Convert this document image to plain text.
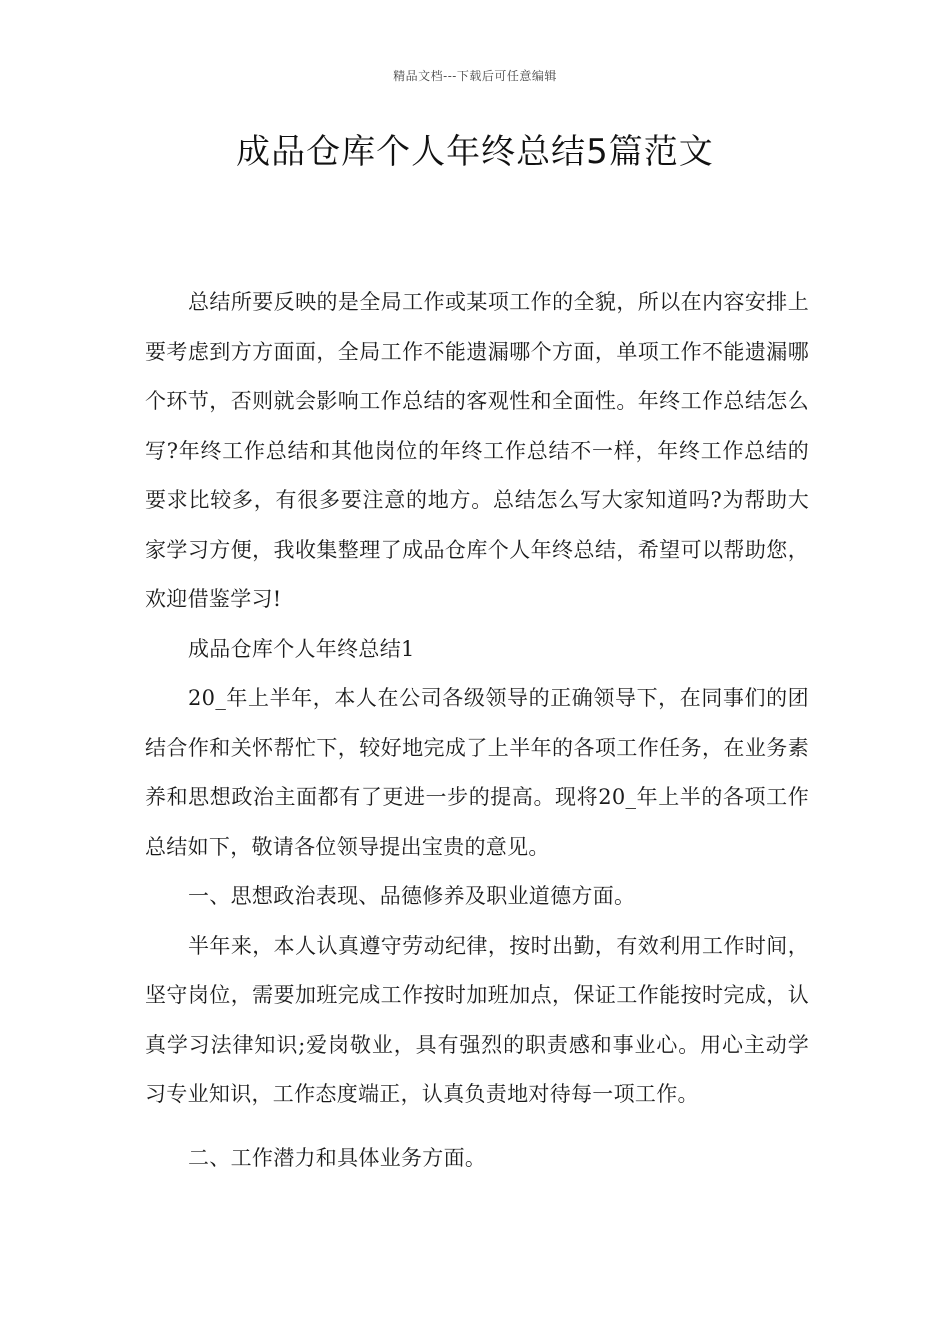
精品文档---下载后可任意编辑
成品仓库个人年终总结5篇范文

总结所要反映的是全局工作或某项工作的全貌，所以在内容安排上要考虑到方方面面，全局工作不能遗漏哪个方面，单项工作不能遗漏哪个环节，否则就会影响工作总结的客观性和全面性。年终工作总结怎么写?年终工作总结和其他岗位的年终工作总结不一样，年终工作总结的要求比较多，有很多要注意的地方。总结怎么写大家知道吗?为帮助大家学习方便，我收集整理了成品仓库个人年终总结，希望可以帮助您，欢迎借鉴学习!

成品仓库个人年终总结1

20_年上半年，本人在公司各级领导的正确领导下，在同事们的团结合作和关怀帮忙下，较好地完成了上半年的各项工作任务，在业务素养和思想政治主面都有了更进一步的提高。现将20_年上半的各项工作总结如下，敬请各位领导提出宝贵的意见。

一、思想政治表现、品德修养及职业道德方面。

半年来，本人认真遵守劳动纪律，按时出勤，有效利用工作时间，坚守岗位，需要加班完成工作按时加班加点，保证工作能按时完成，认真学习法律知识;爱岗敬业，具有强烈的职责感和事业心。用心主动学习专业知识，工作态度端正，认真负责地对待每一项工作。

二、工作潜力和具体业务方面。
